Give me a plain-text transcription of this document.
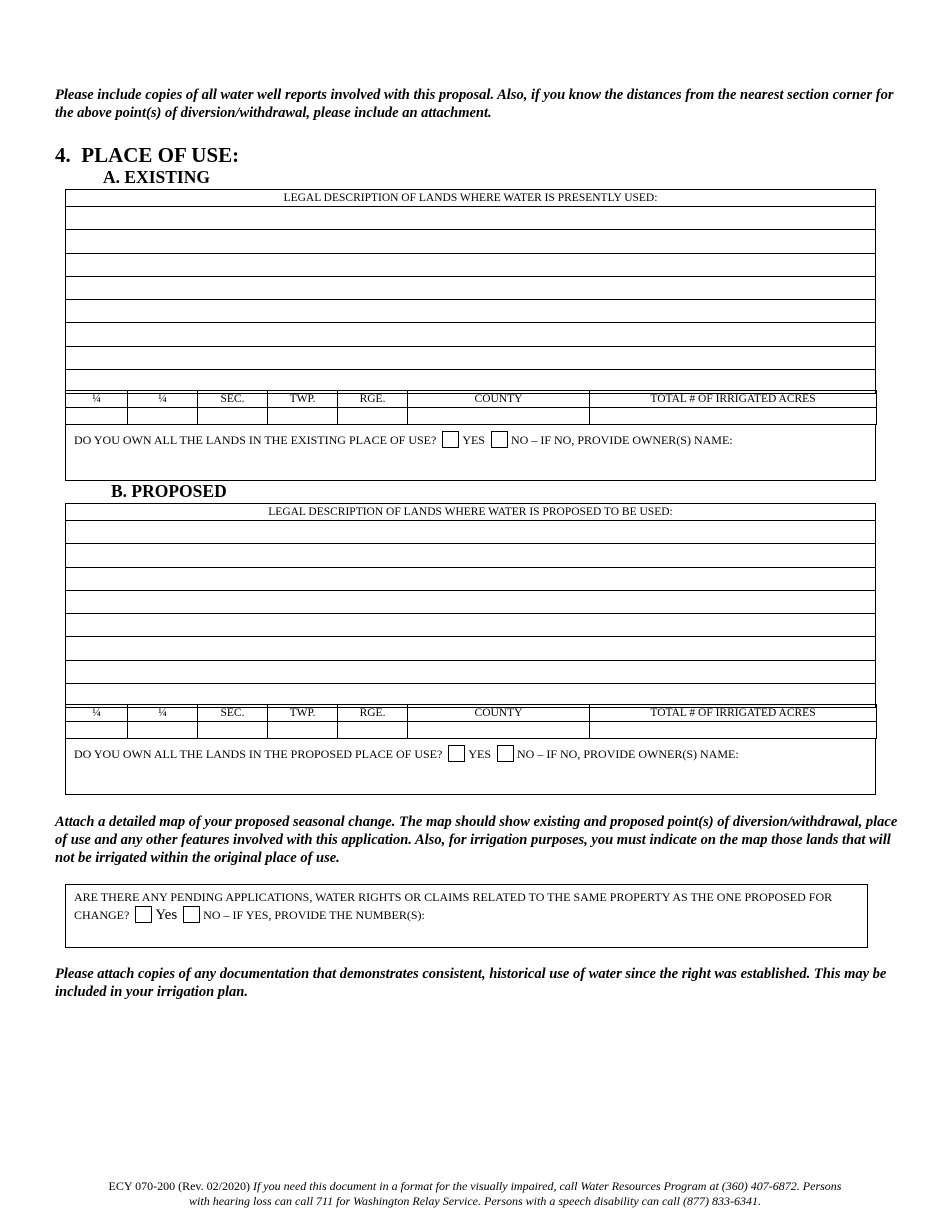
Please include copies of all water well reports involved with this proposal. Also, if you know the distances from the nearest section corner for the above point(s) of diversion/withdrawal, please include an attachment.
4. PLACE OF USE:
A. EXISTING
LEGAL DESCRIPTION OF LANDS WHERE WATER IS PRESENTLY USED:
¼	¼	SEC.	TWP.	RGE.	COUNTY	TOTAL # OF IRRIGATED ACRES

DO YOU OWN ALL THE LANDS IN THE EXISTING PLACE OF USE? YES NO – IF NO, PROVIDE OWNER(S) NAME:
B. PROPOSED
LEGAL DESCRIPTION OF LANDS WHERE WATER IS PROPOSED TO BE USED:
¼	¼	SEC.	TWP.	RGE.	COUNTY	TOTAL # OF IRRIGATED ACRES

DO YOU OWN ALL THE LANDS IN THE PROPOSED PLACE OF USE? YES NO – IF NO, PROVIDE OWNER(S) NAME:
Attach a detailed map of your proposed seasonal change. The map should show existing and proposed point(s) of diversion/withdrawal, place of use and any other features involved with this application. Also, for irrigation purposes, you must indicate on the map those lands that will not be irrigated within the original place of use.
ARE THERE ANY PENDING APPLICATIONS, WATER RIGHTS OR CLAIMS RELATED TO THE SAME PROPERTY AS THE ONE PROPOSED FOR CHANGE? Yes NO – IF YES, PROVIDE THE NUMBER(S):
Please attach copies of any documentation that demonstrates consistent, historical use of water since the right was established. This may be included in your irrigation plan.
ECY 070-200 (Rev. 02/2020) If you need this document in a format for the visually impaired, call Water Resources Program at (360) 407-6872. Persons with hearing loss can call 711 for Washington Relay Service. Persons with a speech disability can call (877) 833-6341.
